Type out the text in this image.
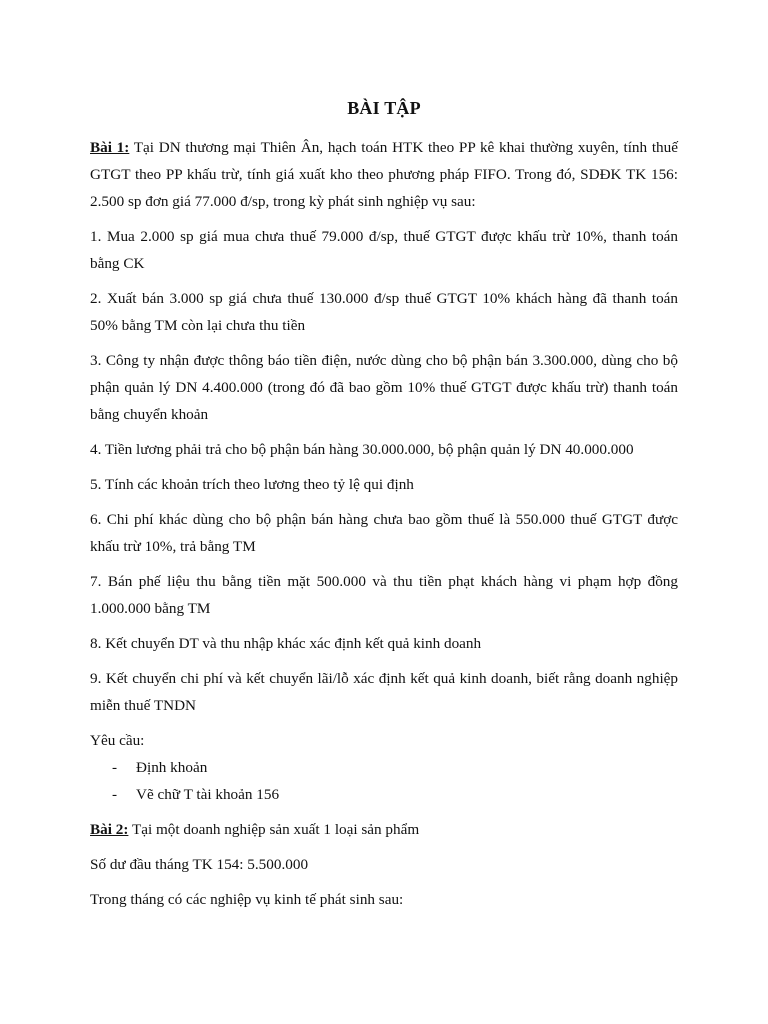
BÀI TẬP

Bài 1: Tại DN thương mại Thiên Ân, hạch toán HTK theo PP kê khai thường xuyên, tính thuế GTGT theo PP khấu trừ, tính giá xuất kho theo phương pháp FIFO. Trong đó, SDĐK TK 156: 2.500 sp đơn giá 77.000 đ/sp, trong kỳ phát sinh nghiệp vụ sau:

1. Mua 2.000 sp giá mua chưa thuế 79.000 đ/sp, thuế GTGT được khấu trừ 10%, thanh toán bằng CK

2. Xuất bán 3.000 sp giá chưa thuế 130.000 đ/sp thuế GTGT 10% khách hàng đã thanh toán 50% bằng TM còn lại chưa thu tiền

3. Công ty nhận được thông báo tiền điện, nước dùng cho bộ phận bán 3.300.000, dùng cho bộ phận quản lý DN 4.400.000 (trong đó đã bao gồm 10% thuế GTGT được khấu trừ) thanh toán bằng chuyển khoản

4. Tiền lương phải trả cho bộ phận bán hàng 30.000.000, bộ phận quản lý DN 40.000.000

5. Tính các khoản trích theo lương theo tỷ lệ qui định

6. Chi phí khác dùng cho bộ phận bán hàng chưa bao gồm thuế là 550.000 thuế GTGT được khấu trừ 10%, trả bằng TM

7. Bán phế liệu thu bằng tiền mặt 500.000 và thu tiền phạt khách hàng vi phạm hợp đồng 1.000.000 bằng TM

8. Kết chuyển DT và thu nhập khác xác định kết quả kinh doanh

9. Kết chuyển chi phí và kết chuyển lãi/lỗ xác định kết quả kinh doanh, biết rằng doanh nghiệp miễn thuế TNDN

Yêu cầu:

- Định khoản
- Vẽ chữ T tài khoản 156

Bài 2: Tại một doanh nghiệp sản xuất 1 loại sản phẩm

Số dư đầu tháng TK 154: 5.500.000

Trong tháng có các nghiệp vụ kinh tế phát sinh sau:
